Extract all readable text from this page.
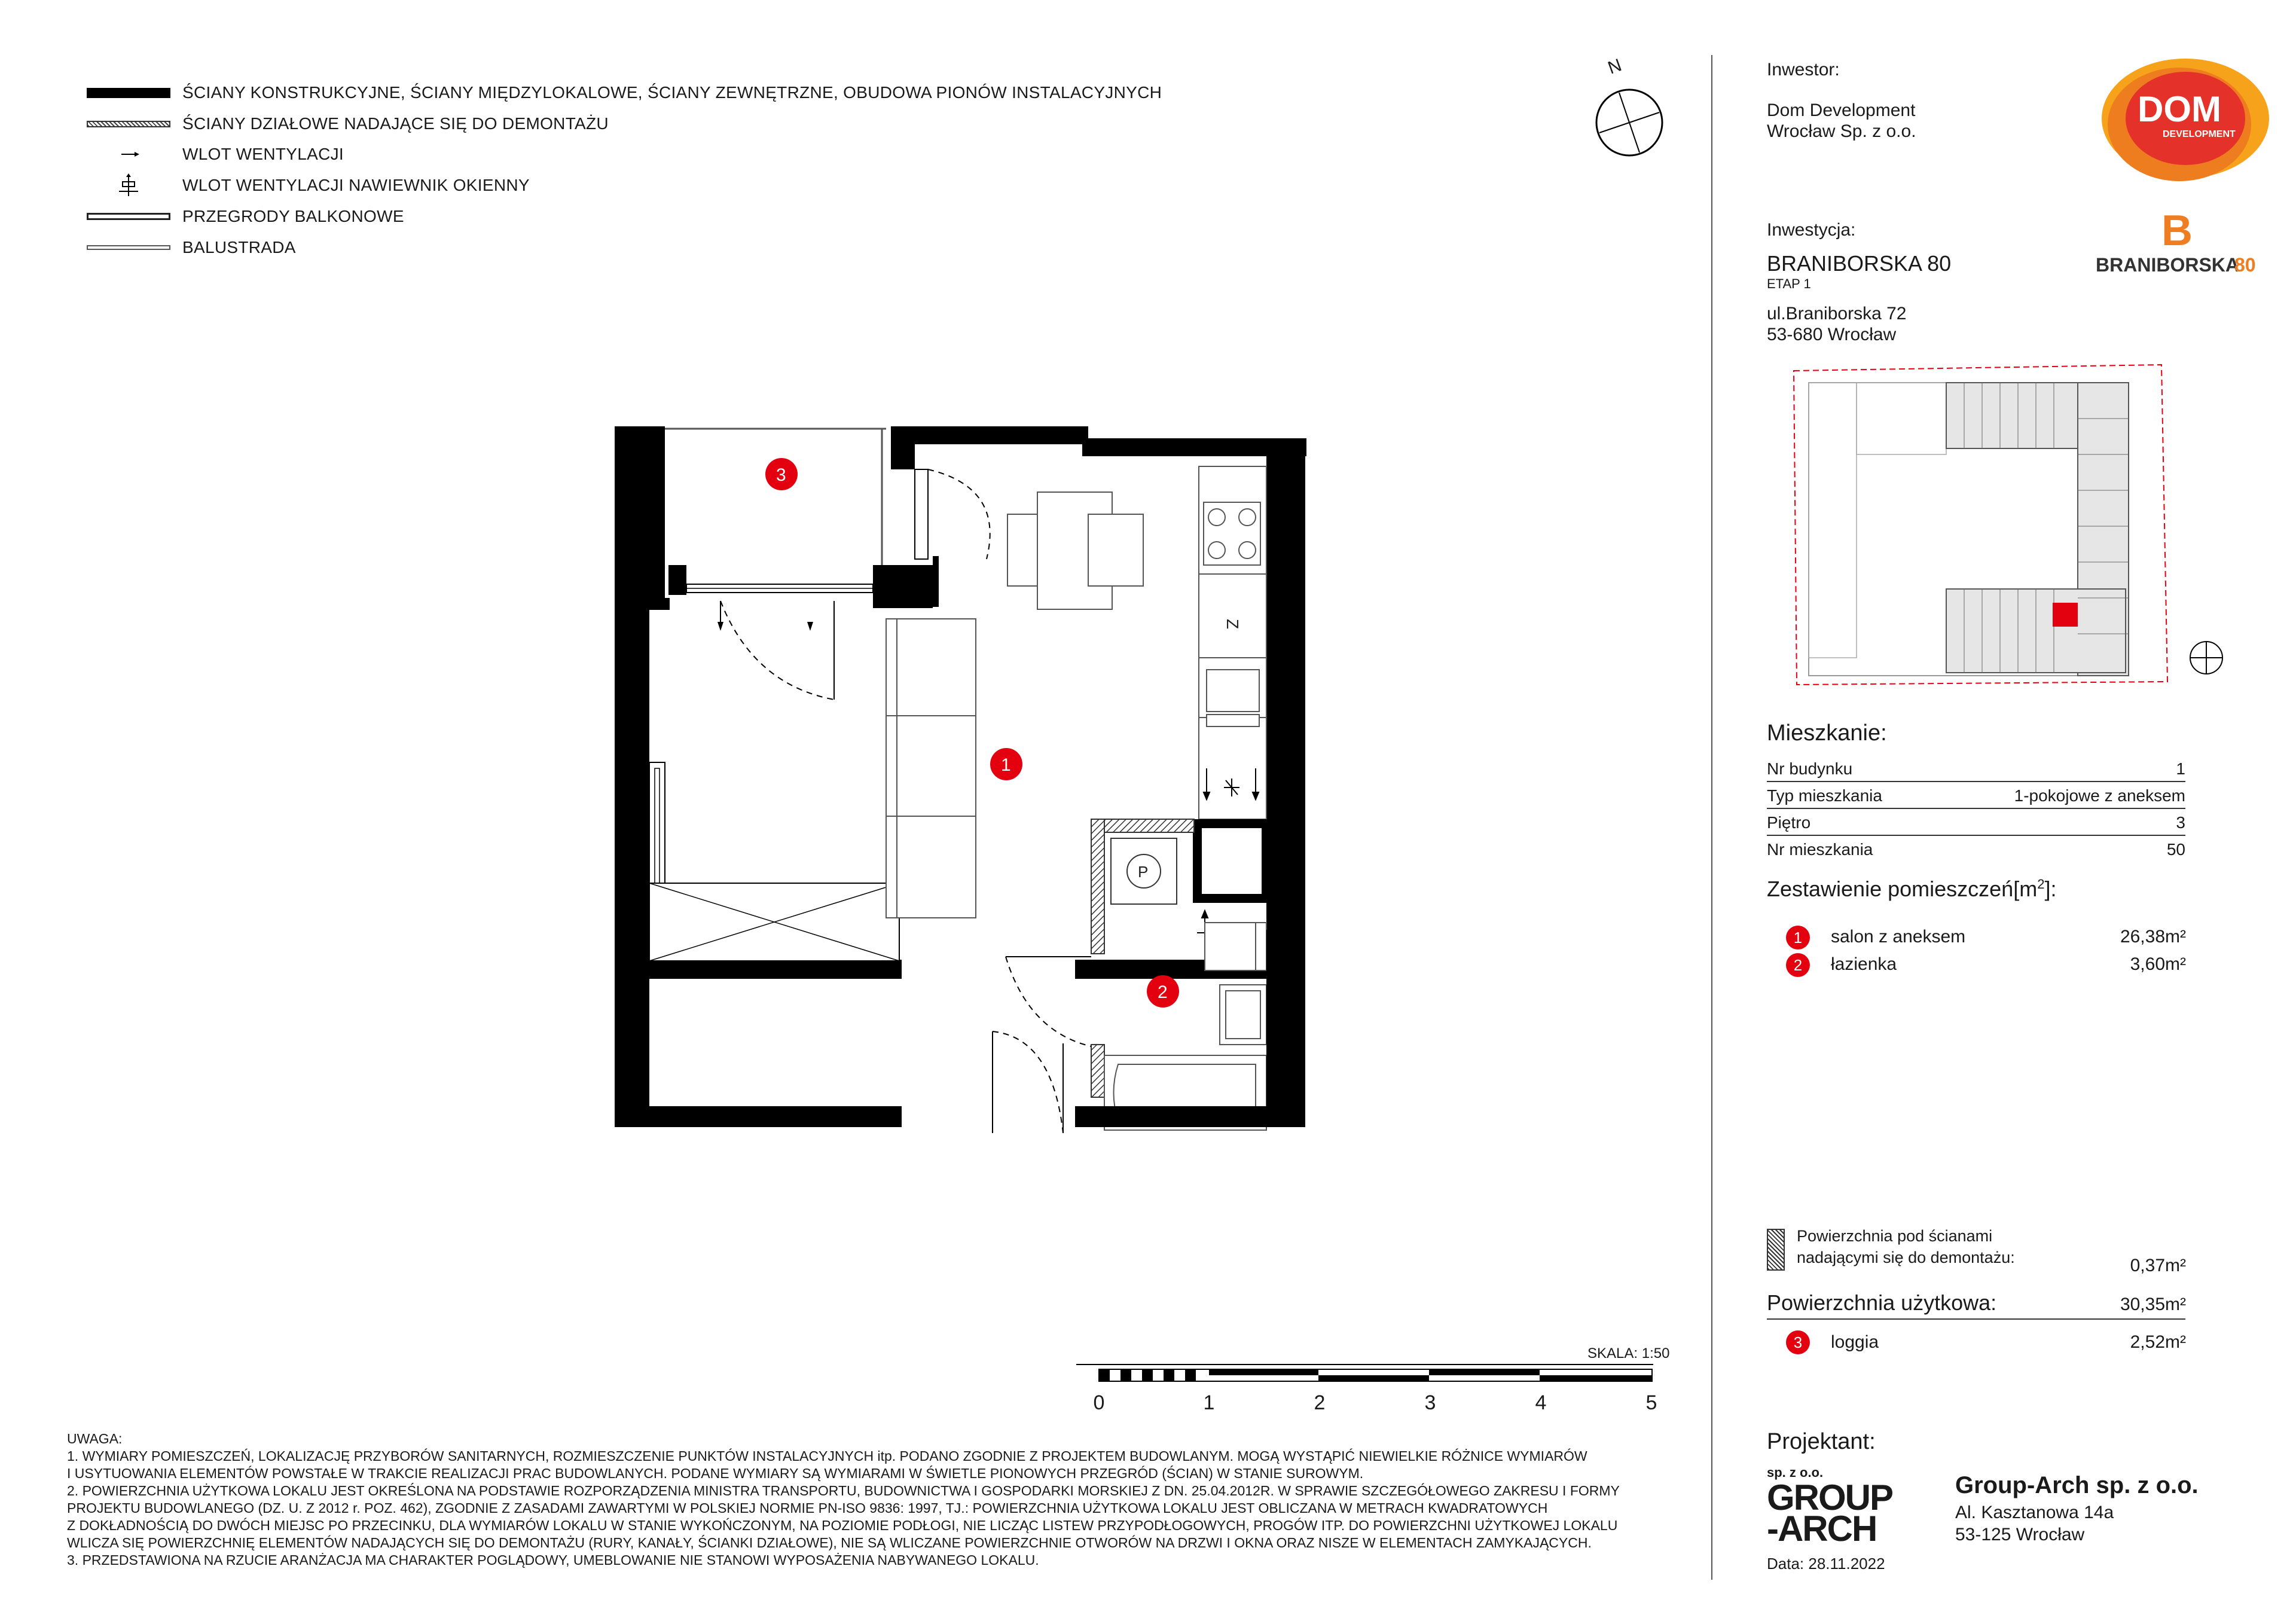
ŚCIANY KONSTRUKCYJNE, ŚCIANY MIĘDZYLOKALOWE, ŚCIANY ZEWNĘTRZNE, OBUDOWA PIONÓW INSTALACYJNYCH
ŚCIANY DZIAŁOWE NADAJĄCE SIĘ DO DEMONTAŻU
WLOT WENTYLACJI
WLOT WENTYLACJI NAWIEWNIK OKIENNY
PRZEGRODY BALKONOWE
BALUSTRADA
N
Z
P
1
2
3
SKALA: 1:50
0	1	2	3	4	5
UWAGA:
1. WYMIARY POMIESZCZEŃ, LOKALIZACJĘ PRZYBORÓW SANITARNYCH, ROZMIESZCZENIE PUNKTÓW INSTALACYJNYCH itp. PODANO ZGODNIE Z PROJEKTEM BUDOWLANYM. MOGĄ WYSTĄPIĆ NIEWIELKIE RÓŻNICE WYMIARÓW
I USYTUOWANIA ELEMENTÓW POWSTAŁE W TRAKCIE REALIZACJI PRAC BUDOWLANYCH. PODANE WYMIARY SĄ WYMIARAMI W ŚWIETLE PIONOWYCH PRZEGRÓD (ŚCIAN) W STANIE SUROWYM.
2. POWIERZCHNIA UŻYTKOWA LOKALU JEST OKREŚLONA NA PODSTAWIE ROZPORZĄDZENIA MINISTRA TRANSPORTU, BUDOWNICTWA I GOSPODARKI MORSKIEJ Z DN. 25.04.2012R. W SPRAWIE SZCZEGÓŁOWEGO ZAKRESU I FORMY
PROJEKTU BUDOWLANEGO (DZ. U. Z 2012 r. POZ. 462), ZGODNIE Z ZASADAMI ZAWARTYMI W POLSKIEJ NORMIE PN-ISO 9836: 1997, TJ.: POWIERZCHNIA UŻYTKOWA LOKALU JEST OBLICZANA W METRACH KWADRATOWYCH
Z DOKŁADNOŚCIĄ DO DWÓCH MIEJSC PO PRZECINKU, DLA WYMIARÓW LOKALU W STANIE WYKOŃCZONYM, NA POZIOMIE PODŁOGI, NIE LICZĄC LISTEW PRZYPODŁOGOWYCH, PROGÓW ITP. DO POWIERZCHNI UŻYTKOWEJ LOKALU
WLICZA SIĘ POWIERZCHNIĘ ELEMENTÓW NADAJĄCYCH SIĘ DO DEMONTAŻU (RURY, KANAŁY, ŚCIANKI DZIAŁOWE), NIE SĄ WLICZANE POWIERZCHNIE OTWORÓW NA DRZWI I OKNA ORAZ NISZE W ELEMENTACH ZAMYKAJĄCYCH.
3. PRZEDSTAWIONA NA RZUCIE ARANŻACJA MA CHARAKTER POGLĄDOWY, UMEBLOWANIE NIE STANOWI WYPOSAŻENIA NABYWANEGO LOKALU.
Inwestor:
Dom Development
Wrocław Sp. z o.o.
DOM
DEVELOPMENT
Inwestycja:
BRANIBORSKA 80
ETAP 1
ul.Braniborska 72
53-680 Wrocław
B
BRANIBORSKA
80
Mieszkanie:
Nr budynku	1
Typ mieszkania	1-pokojowe z aneksem
Piętro	3
Nr mieszkania	50
Zestawienie $pomieszczeń[m^2]$:
1	salon z aneksem	26,38m²
2	łazienka	3,60m²
Powierzchnia pod ścianami
nadającymi się do demontażu:	0,37m²
Powierzchnia użytkowa:	30,35m²
3	loggia	2,52m²
Projektant:
sp. z o.o.
GROUP
-ARCH
Group-Arch sp. z o.o.
Al. Kasztanowa 14a
53-125 Wrocław
Data: 28.11.2022
